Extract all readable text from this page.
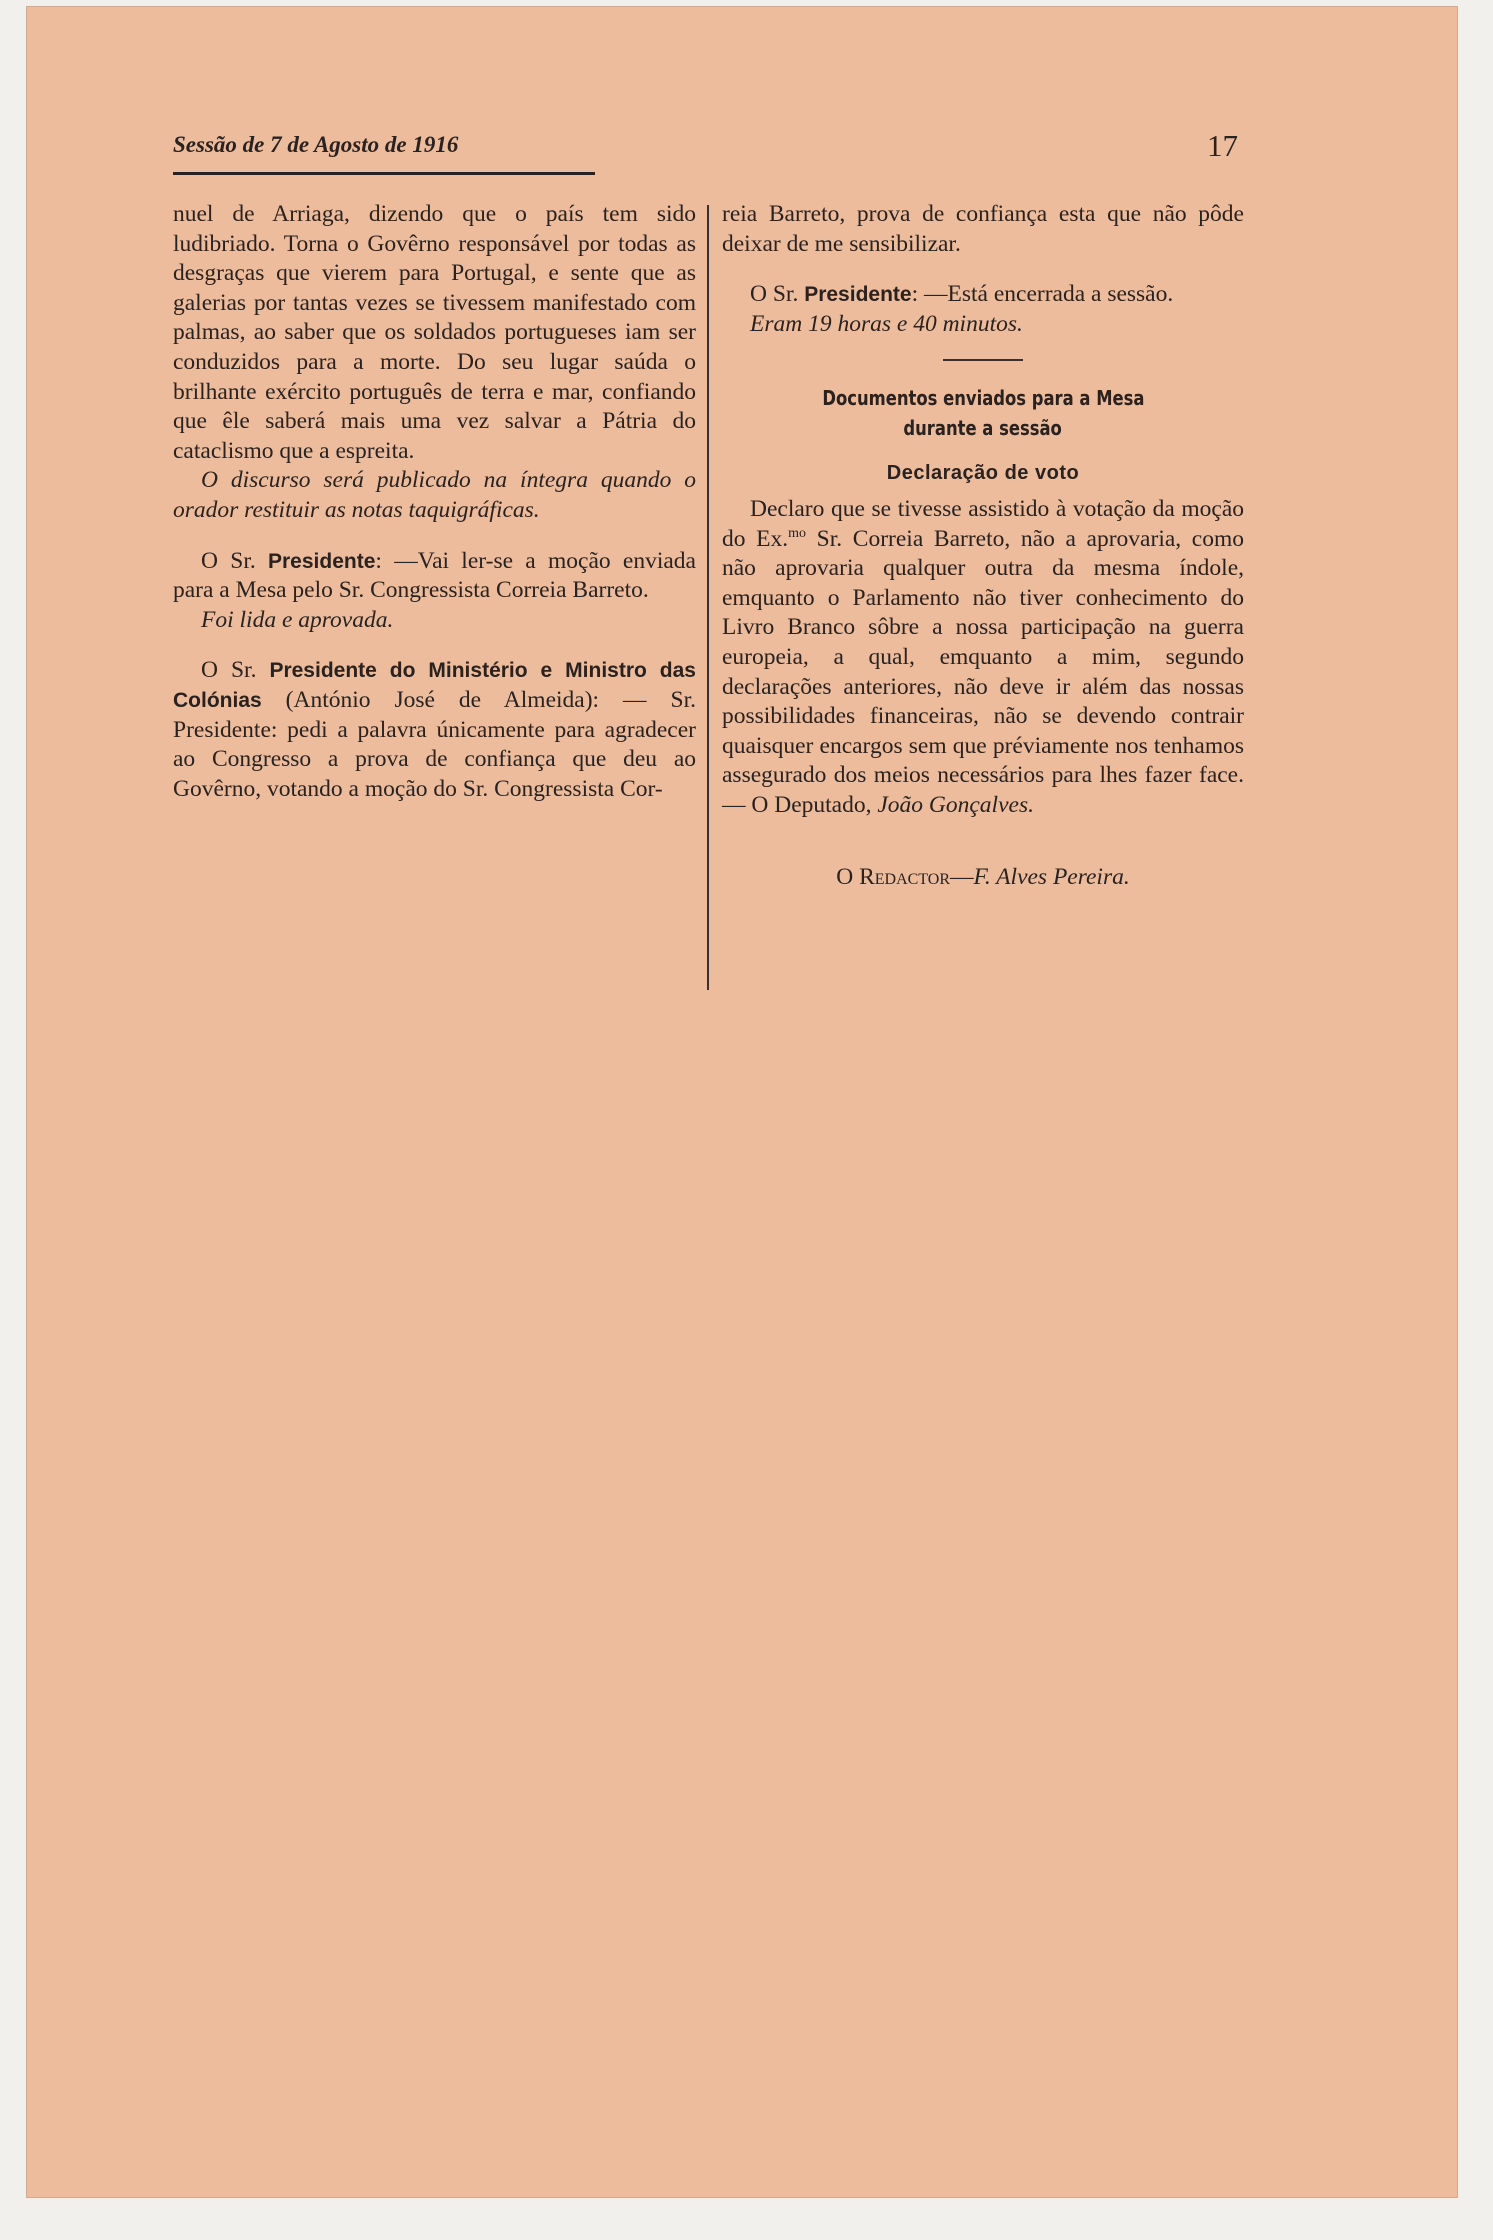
Sessão de 7 de Agosto de 1916	17

nuel de Arriaga, dizendo que o país tem sido ludibriado. Torna o Govêrno responsável por todas as desgraças que vierem para Portugal, e sente que as galerias por tantas vezes se tivessem manifestado com palmas, ao saber que os soldados portugueses iam ser conduzidos para a morte. Do seu lugar saúda o brilhante exército português de terra e mar, confiando que êle saberá mais uma vez salvar a Pátria do cataclismo que a espreita.

O discurso será publicado na íntegra quando o orador restituir as notas taquigráficas.

O Sr. Presidente: —Vai ler-se a moção enviada para a Mesa pelo Sr. Congressista Correia Barreto.

Foi lida e aprovada.

O Sr. Presidente do Ministério e Ministro das Colónias (António José de Almeida): — Sr. Presidente: pedi a palavra únicamente para agradecer ao Congresso a prova de confiança que deu ao Govêrno, votando a moção do Sr. Congressista Cor-

reia Barreto, prova de confiança esta que não pôde deixar de me sensibilizar.

O Sr. Presidente: —Está encerrada a sessão.

Eram 19 horas e 40 minutos.

Documentos enviados para a Mesa
durante a sessão
Declaração de voto

Declaro que se tivesse assistido à votação da moção do Ex.$^{mo}$ Sr. Correia Barreto, não a aprovaria, como não aprovaria qualquer outra da mesma índole, emquanto o Parlamento não tiver conhecimento do Livro Branco sôbre a nossa participação na guerra europeia, a qual, emquanto a mim, segundo declarações anteriores, não deve ir além das nossas possibilidades financeiras, não se devendo contrair quaisquer encargos sem que préviamente nos tenhamos assegurado dos meios necessários para lhes fazer face.— O Deputado, João Gonçalves.

O Redactor—F. Alves Pereira.
